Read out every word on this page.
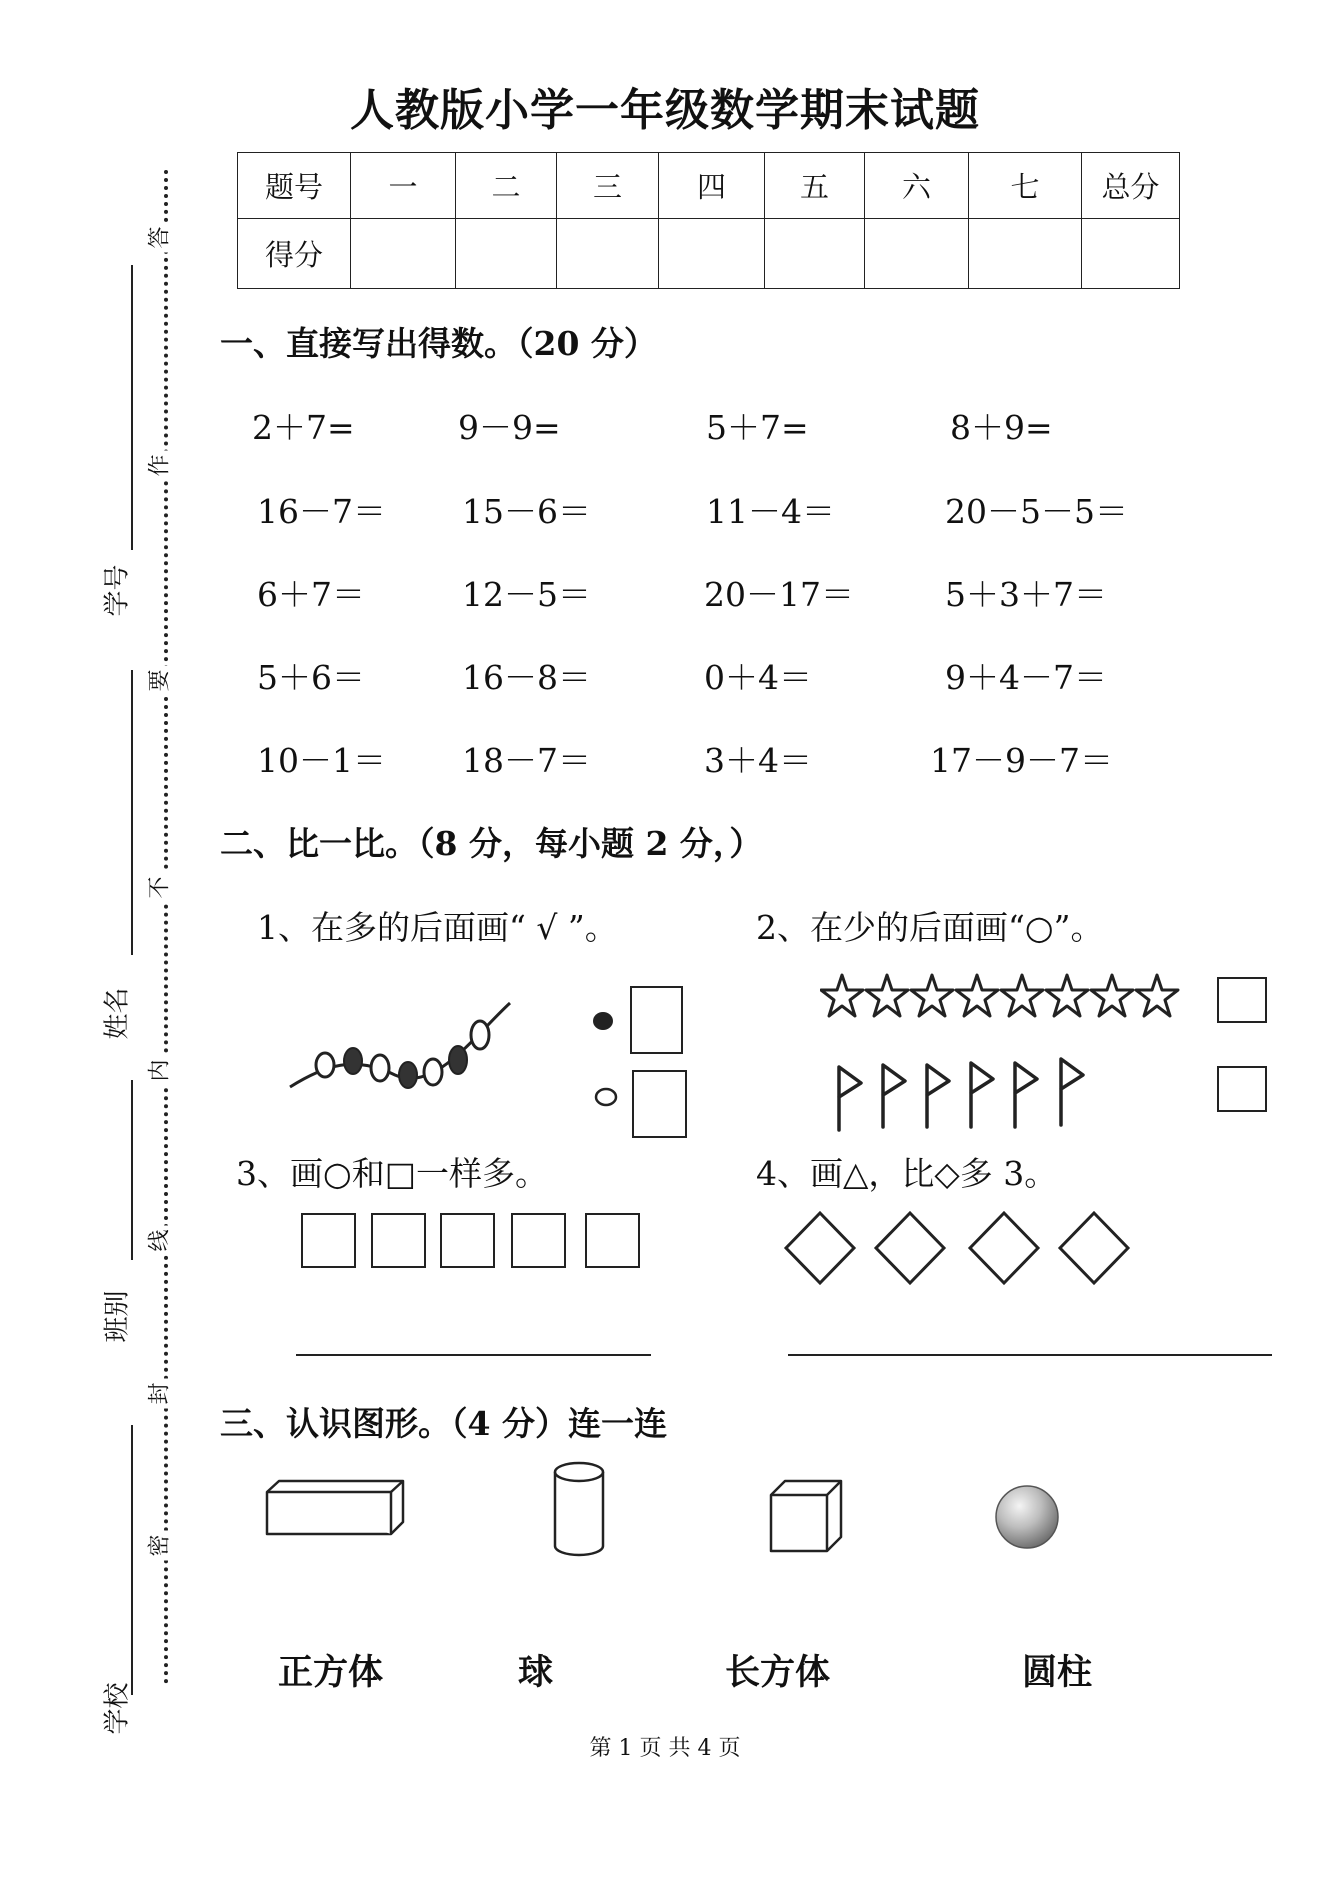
人教版小学一年级数学期末试题
题号	一	二	三	四	五	六	七	总分
得分								
学号
姓名
班别
学校
答
作
要
不
内
线
封
密
一、直接写出得数。（20 分）
2＋7=	9－9=	5＋7=	8＋9=
16－7＝ 15－6＝	11－4＝	20－5－5＝
6＋7＝	12－5＝	20－17＝	5＋3＋7＝
5＋6＝	16－8＝	0＋4＝	9＋4－7＝
10－1＝ 18－7＝	3＋4＝	17－9－7＝
二、比一比。（8 分，每小题 2 分，）
1、在多的后面画“ √ ”。	2、在少的后面画“○”。
3、画○和□一样多。	4、画△，比◇多 3。
三、认识图形。（4 分）连一连
正方体	球	长方体	圆柱
第 1 页 共 4 页
